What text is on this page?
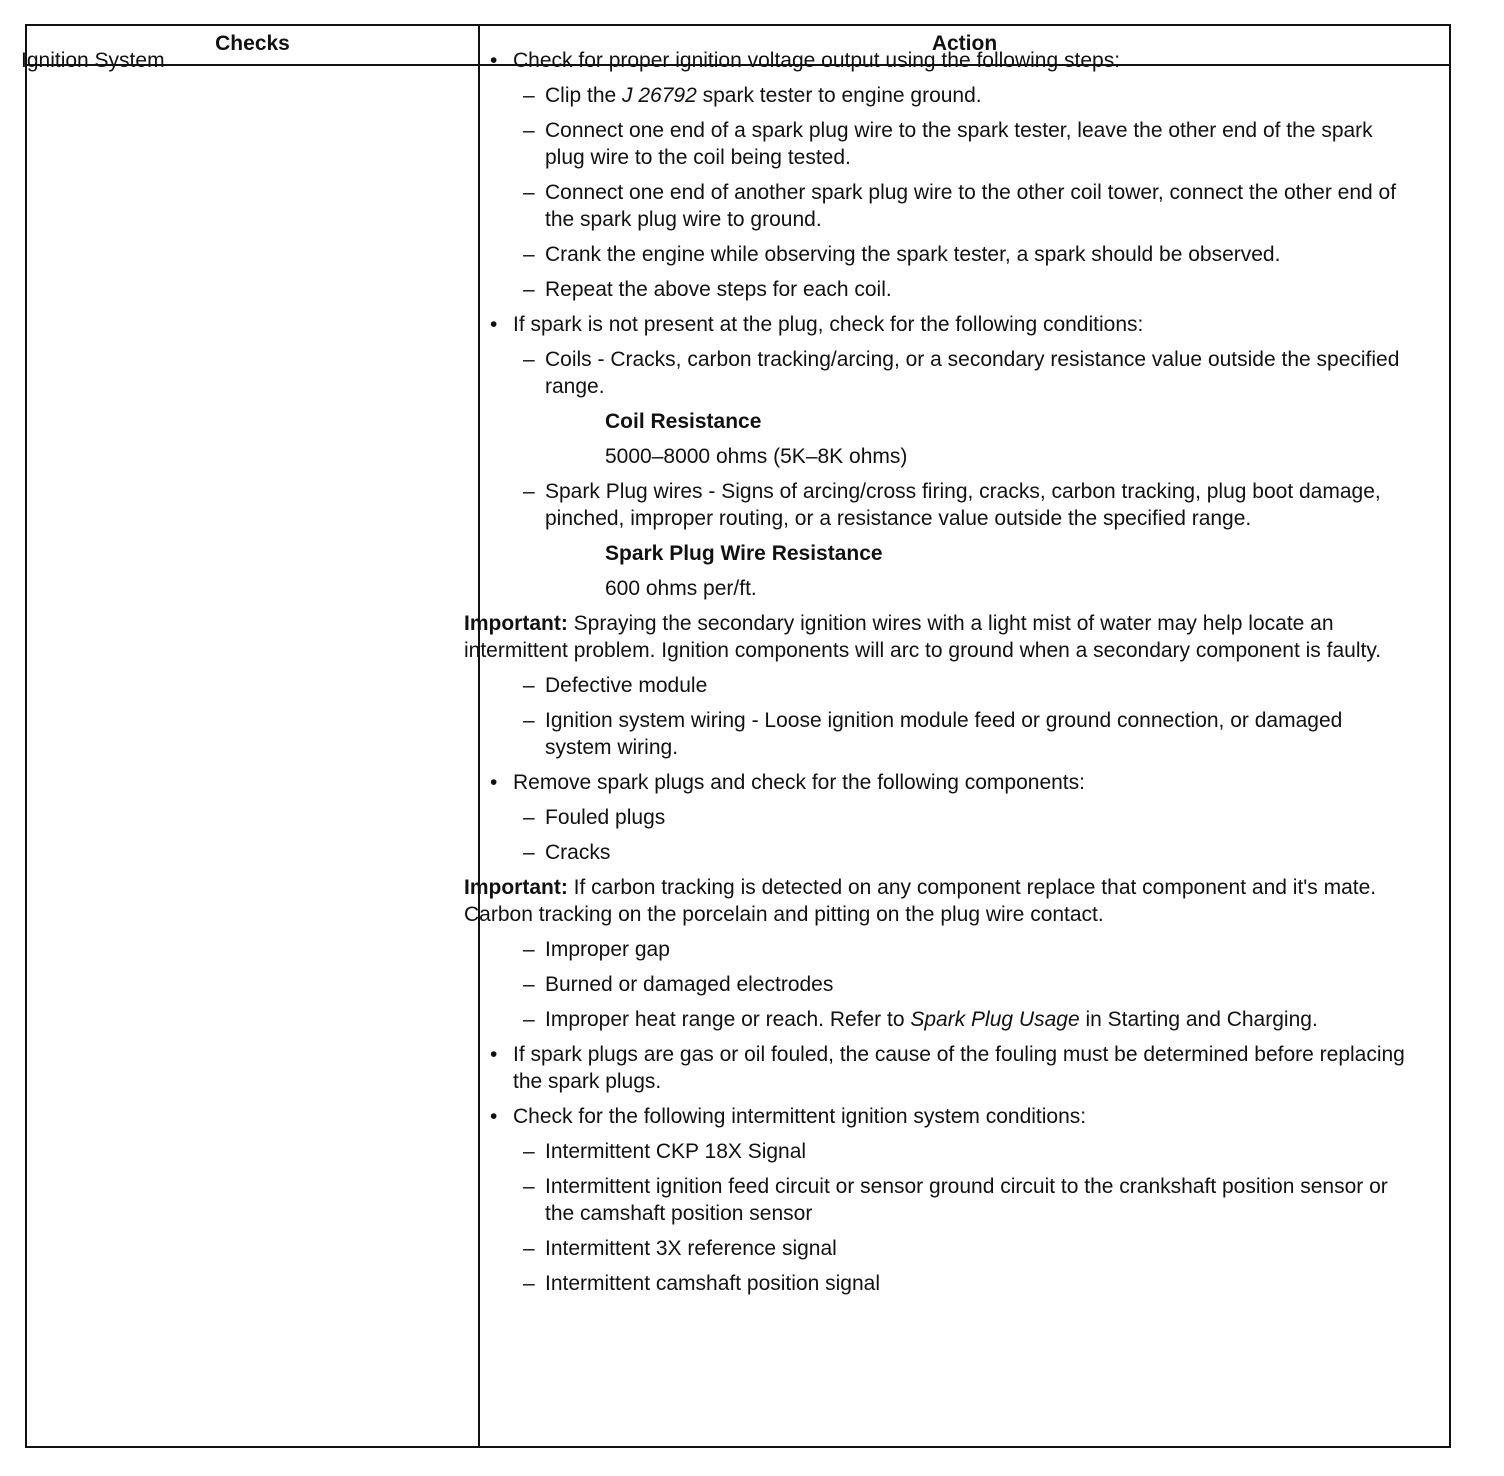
Checks	Action
Ignition System	• Check for proper ignition voltage output using the following steps:
– Clip the J 26792 spark tester to engine ground.
– Connect one end of a spark plug wire to the spark tester, leave the other end of the spark plug wire to the coil being tested.
– Connect one end of another spark plug wire to the other coil tower, connect the other end of the spark plug wire to ground.
– Crank the engine while observing the spark tester, a spark should be observed.
– Repeat the above steps for each coil.
• If spark is not present at the plug, check for the following conditions:
– Coils - Cracks, carbon tracking/arcing, or a secondary resistance value outside the specified range.
Coil Resistance
5000–8000 ohms (5K–8K ohms)
– Spark Plug wires - Signs of arcing/cross firing, cracks, carbon tracking, plug boot damage, pinched, improper routing, or a resistance value outside the specified range.
Spark Plug Wire Resistance
600 ohms per/ft.
Important: Spraying the secondary ignition wires with a light mist of water may help locate an intermittent problem. Ignition components will arc to ground when a secondary component is faulty.
– Defective module
– Ignition system wiring - Loose ignition module feed or ground connection, or damaged system wiring.
• Remove spark plugs and check for the following components:
– Fouled plugs
– Cracks
Important: If carbon tracking is detected on any component replace that component and it's mate. Carbon tracking on the porcelain and pitting on the plug wire contact.
– Improper gap
– Burned or damaged electrodes
– Improper heat range or reach. Refer to Spark Plug Usage in Starting and Charging.
• If spark plugs are gas or oil fouled, the cause of the fouling must be determined before replacing the spark plugs.
• Check for the following intermittent ignition system conditions:
– Intermittent CKP 18X Signal
– Intermittent ignition feed circuit or sensor ground circuit to the crankshaft position sensor or the camshaft position sensor
– Intermittent 3X reference signal
– Intermittent camshaft position signal
